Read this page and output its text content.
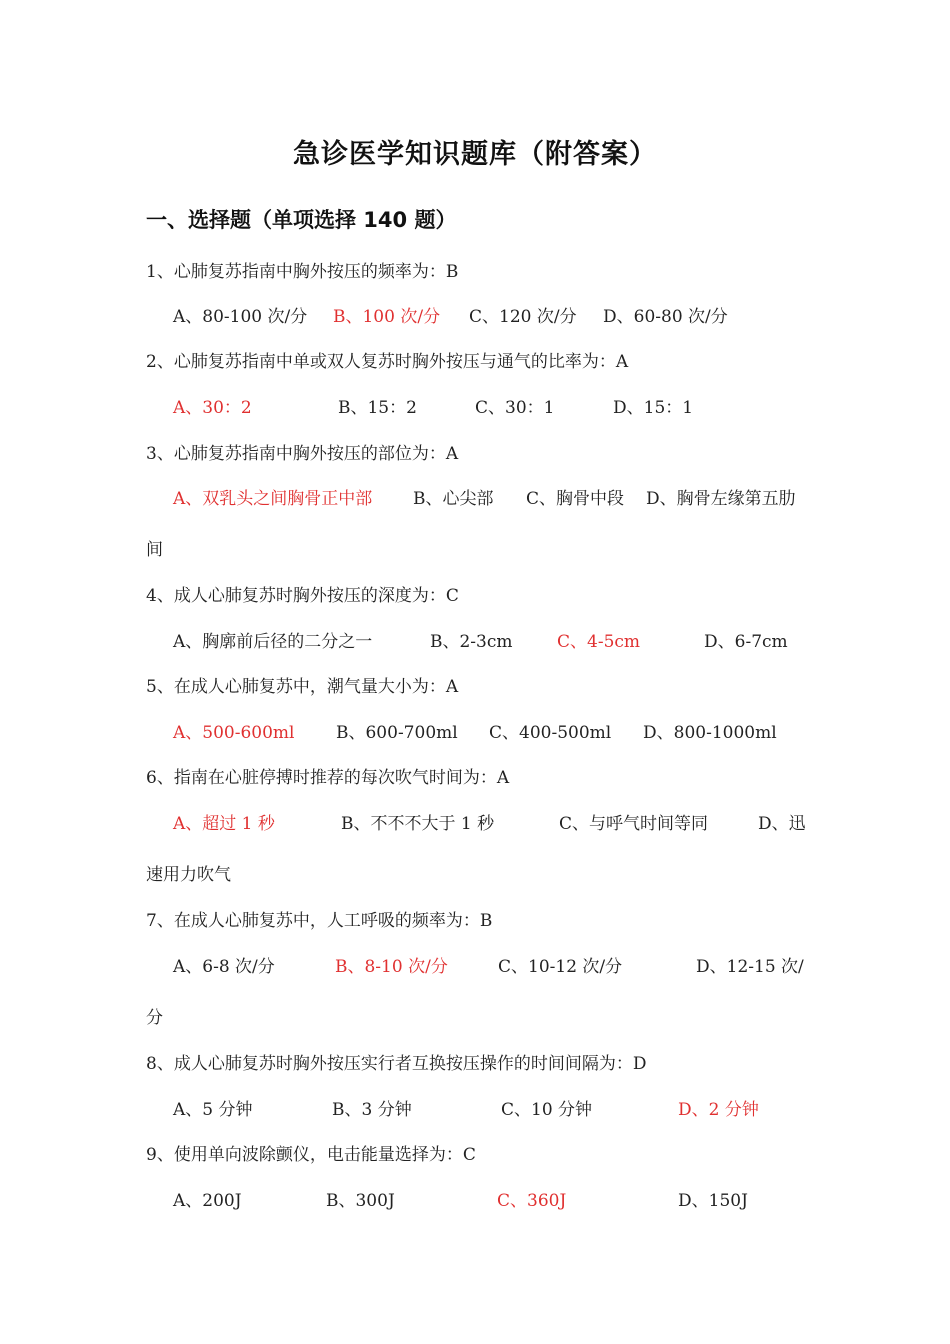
急诊医学知识题库（附答案）
一、选择题（单项选择 140 题）
1、心肺复苏指南中胸外按压的频率为：B
A、80-100 次/分 B、100 次/分 C、120 次/分 D、60-80 次/分
2、心肺复苏指南中单或双人复苏时胸外按压与通气的比率为：A
A、30：2	B、15：2	C、30：1	D、15：1
3、心肺复苏指南中胸外按压的部位为：A
A、双乳头之间胸骨正中部 B、心尖部 C、胸骨中段 D、胸骨左缘第五肋
间
4、成人心肺复苏时胸外按压的深度为：C
A、胸廓前后径的二分之一	B、2-3cm	C、4-5cm	D、6-7cm
5、在成人心肺复苏中，潮气量大小为：A
A、500-600ml B、600-700ml C、400-500ml D、800-1000ml
6、指南在心脏停搏时推荐的每次吹气时间为：A
A、超过 1 秒	B、不不不大于 1 秒	C、与呼气时间等同	D、迅
速用力吹气
7、在成人心肺复苏中，人工呼吸的频率为：B
A、6-8 次/分	B、8-10 次/分	C、10-12 次/分	D、12-15 次/
分
8、成人心肺复苏时胸外按压实行者互换按压操作的时间间隔为：D
A、5 分钟	B、3 分钟	C、10 分钟	D、2 分钟
9、使用单向波除颤仪，电击能量选择为：C
A、200J	B、300J	C、360J	D、150J
